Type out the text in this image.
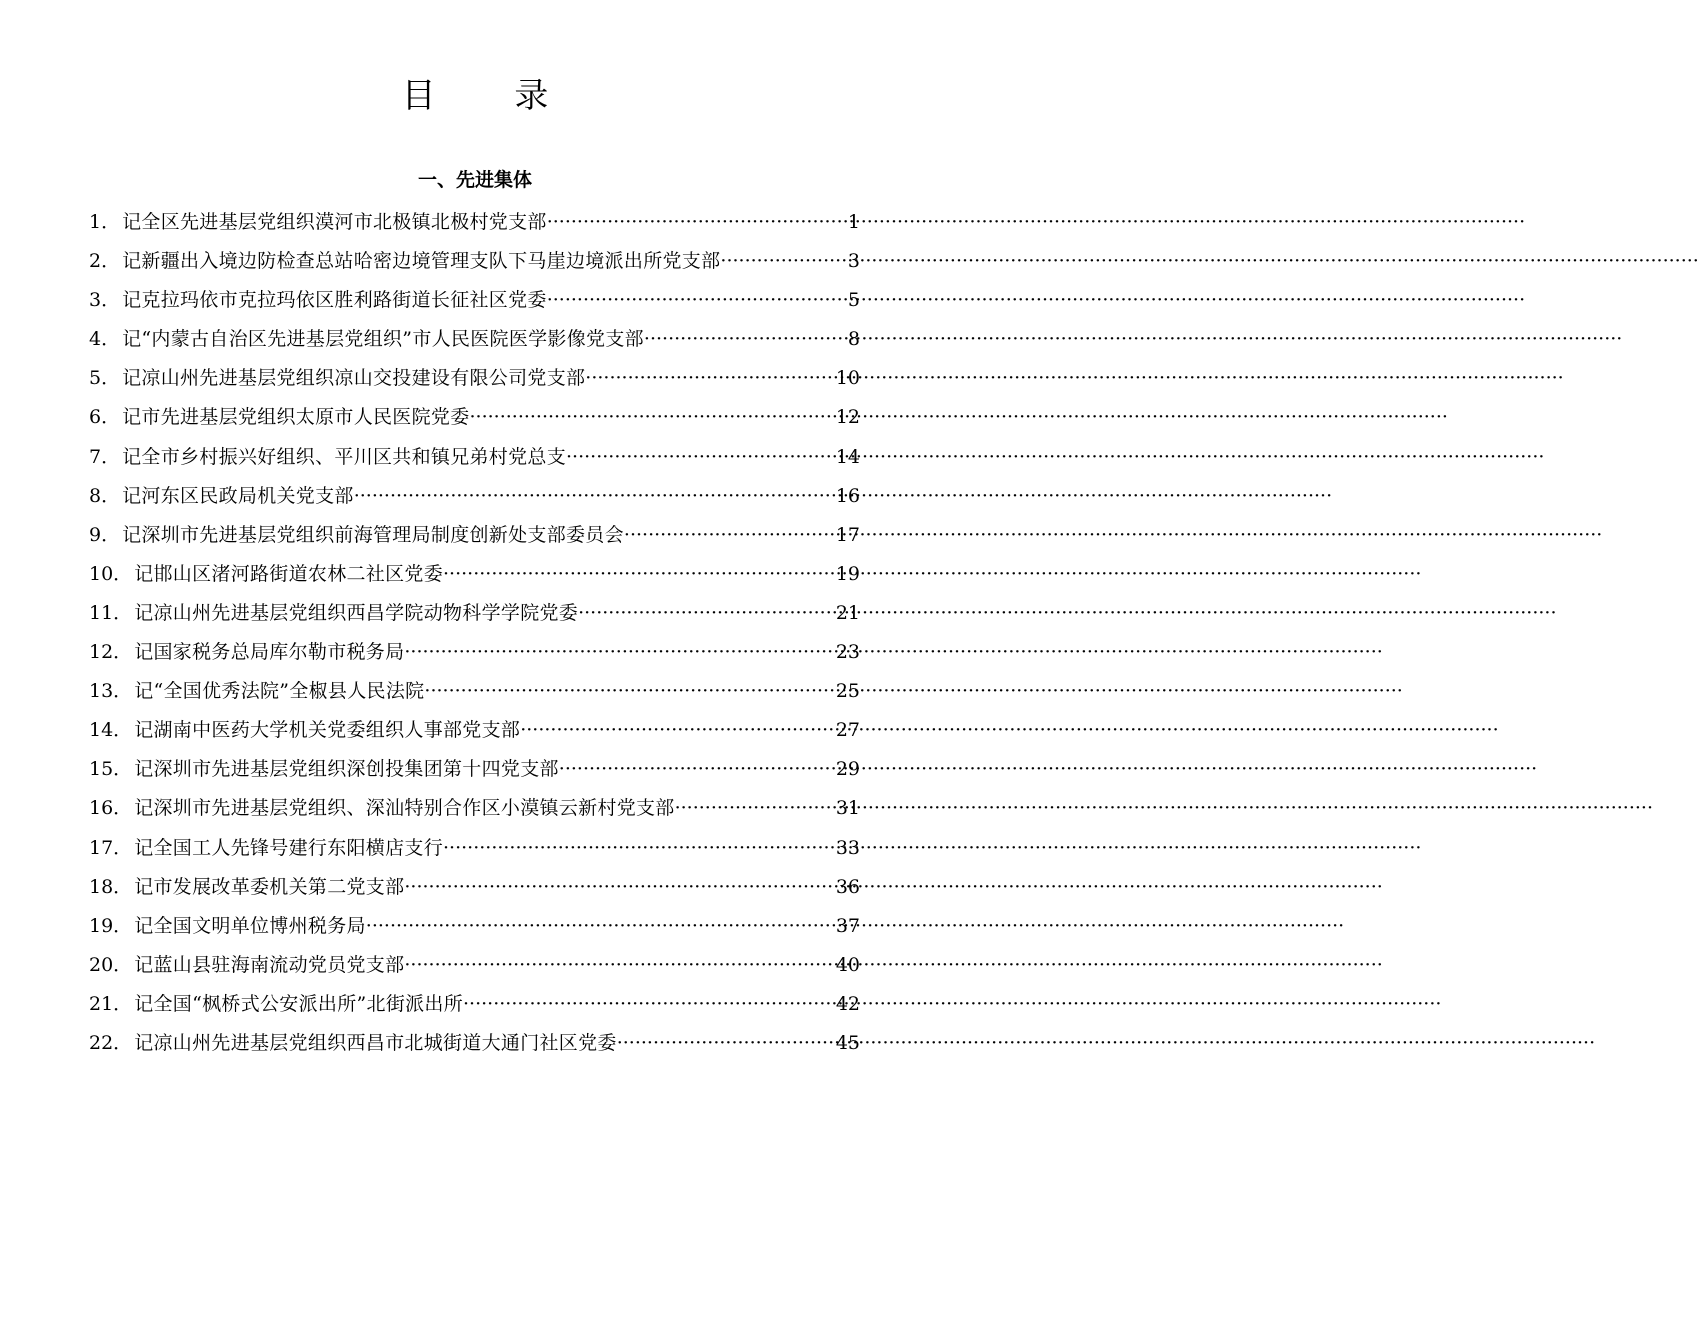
目 录
一、先进集体
1． 记全区先进基层党组织漠河市北极镇北极村党支部 ·····	1
2． 记新疆出入境边防检查总站哈密边境管理支队下马崖边境派出所党支部 ·····	3
3． 记克拉玛依市克拉玛依区胜利路街道长征社区党委 ·····	5
4． 记“内蒙古自治区先进基层党组织”市人民医院医学影像党支部 ·····	8
5． 记凉山州先进基层党组织凉山交投建设有限公司党支部 ·····	10
6． 记市先进基层党组织太原市人民医院党委 ·····	12
7． 记全市乡村振兴好组织、平川区共和镇兄弟村党总支 ·····	14
8． 记河东区民政局机关党支部 ·····	16
9． 记深圳市先进基层党组织前海管理局制度创新处支部委员会 ·····	17
10． 记邯山区渚河路街道农林二社区党委 ·····	19
11． 记凉山州先进基层党组织西昌学院动物科学学院党委 ·····	21
12． 记国家税务总局库尔勒市税务局 ·····	23
13． 记“全国优秀法院”全椒县人民法院 ·····	25
14． 记湖南中医药大学机关党委组织人事部党支部 ·····	27
15． 记深圳市先进基层党组织深创投集团第十四党支部 ·····	29
16． 记深圳市先进基层党组织、深汕特别合作区小漠镇云新村党支部 ·····	31
17． 记全国工人先锋号建行东阳横店支行 ·····	33
18． 记市发展改革委机关第二党支部 ·····	36
19． 记全国文明单位博州税务局 ·····	37
20． 记蓝山县驻海南流动党员党支部 ·····	40
21． 记全国“枫桥式公安派出所”北街派出所 ·····	42
22． 记凉山州先进基层党组织西昌市北城街道大通门社区党委 ·····	45
